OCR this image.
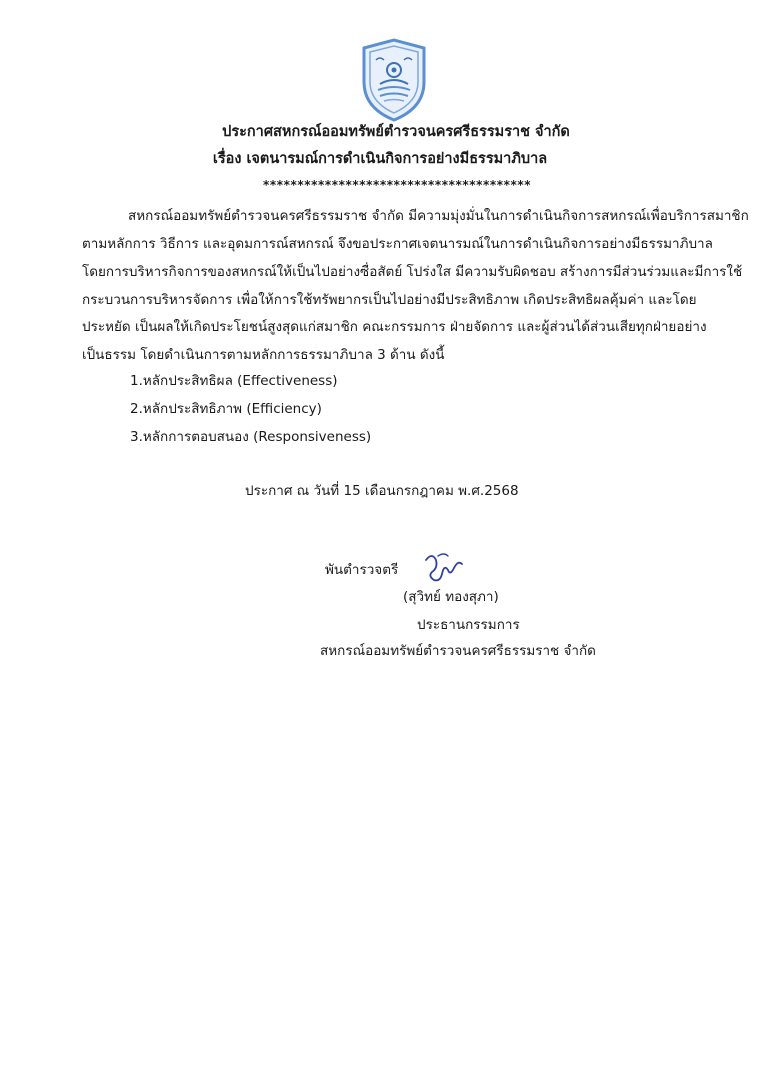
ประกาศสหกรณ์ออมทรัพย์ตำรวจนครศรีธรรมราช จำกัด
เรื่อง เจตนารมณ์การดำเนินกิจการอย่างมีธรรมาภิบาล
***************************************
สหกรณ์ออมทรัพย์ตำรวจนครศรีธรรมราช จำกัด มีความมุ่งมั่นในการดำเนินกิจการสหกรณ์เพื่อบริการสมาชิก
ตามหลักการ วิธีการ และอุดมการณ์สหกรณ์ จึงขอประกาศเจตนารมณ์ในการดำเนินกิจการอย่างมีธรรมาภิบาล
โดยการบริหารกิจการของสหกรณ์ให้เป็นไปอย่างซื่อสัตย์ โปร่งใส มีความรับผิดชอบ สร้างการมีส่วนร่วมและมีการใช้
กระบวนการบริหารจัดการ เพื่อให้การใช้ทรัพยากรเป็นไปอย่างมีประสิทธิภาพ เกิดประสิทธิผลคุ้มค่า และโดย
ประหยัด เป็นผลให้เกิดประโยชน์สูงสุดแก่สมาชิก คณะกรรมการ ฝ่ายจัดการ และผู้ส่วนได้ส่วนเสียทุกฝ่ายอย่าง
เป็นธรรม โดยดำเนินการตามหลักการธรรมาภิบาล 3 ด้าน ดังนี้
1.หลักประสิทธิผล (Effectiveness)
2.หลักประสิทธิภาพ (Efficiency)
3.หลักการตอบสนอง (Responsiveness)
ประกาศ ณ วันที่ 15 เดือนกรกฎาคม พ.ศ.2568
พันตำรวจตรี
(สุวิทย์ ทองสุภา)
ประธานกรรมการ
สหกรณ์ออมทรัพย์ตำรวจนครศรีธรรมราช จำกัด
